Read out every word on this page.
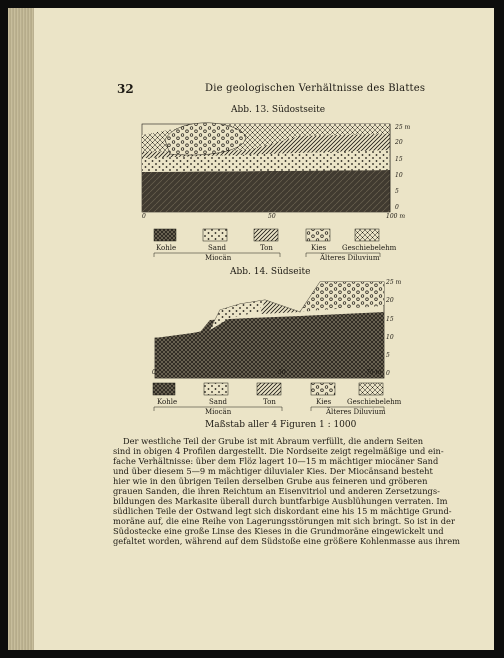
32	Die geologischen Verhältnisse des Blattes
Abb. 13. Südostseite
25 m
20
15
10
5
0
0	50	100 m
Kohle	Sand	Ton	Kies Geschiebelehm
Miocän	Älteres Diluvium
Abb. 14. Südseite
25 m
20
15
10
5
0
0	50	75 m
Kohle	Sand	Ton	Kies Geschiebelehm
Miocän	Älteres Diluvium
Maßstab aller 4 Figuren 1 : 1000

Der westliche Teil der Grube ist mit Abraum verfüllt, die andern Seiten

sind in obigen 4 Profilen dargestellt. Die Nordseite zeigt regelmäßige und ein-

fache Verhältnisse: über dem Flöz lagert 10—15 m mächtiger miocäner Sand

und über diesem 5—9 m mächtiger diluvialer Kies. Der Miocänsand besteht

hier wie in den übrigen Teilen derselben Grube aus feineren und gröberen

grauen Sanden, die ihren Reichtum an Eisenvitriol und anderen Zersetzungs-

bildungen des Markasite überall durch buntfarbige Ausblühungen verraten. Im

südlichen Teile der Ostwand legt sich diskordant eine his 15 m mächtige Grund-

moräne auf, die eine Reihe von Lagerungsstörungen mit sich bringt. So ist in der

Südostecke eine große Linse des Kieses in die Grundmoräne eingewickelt und

gefaltet worden, während auf dem Südstoße eine größere Kohlenmasse aus ihrem
